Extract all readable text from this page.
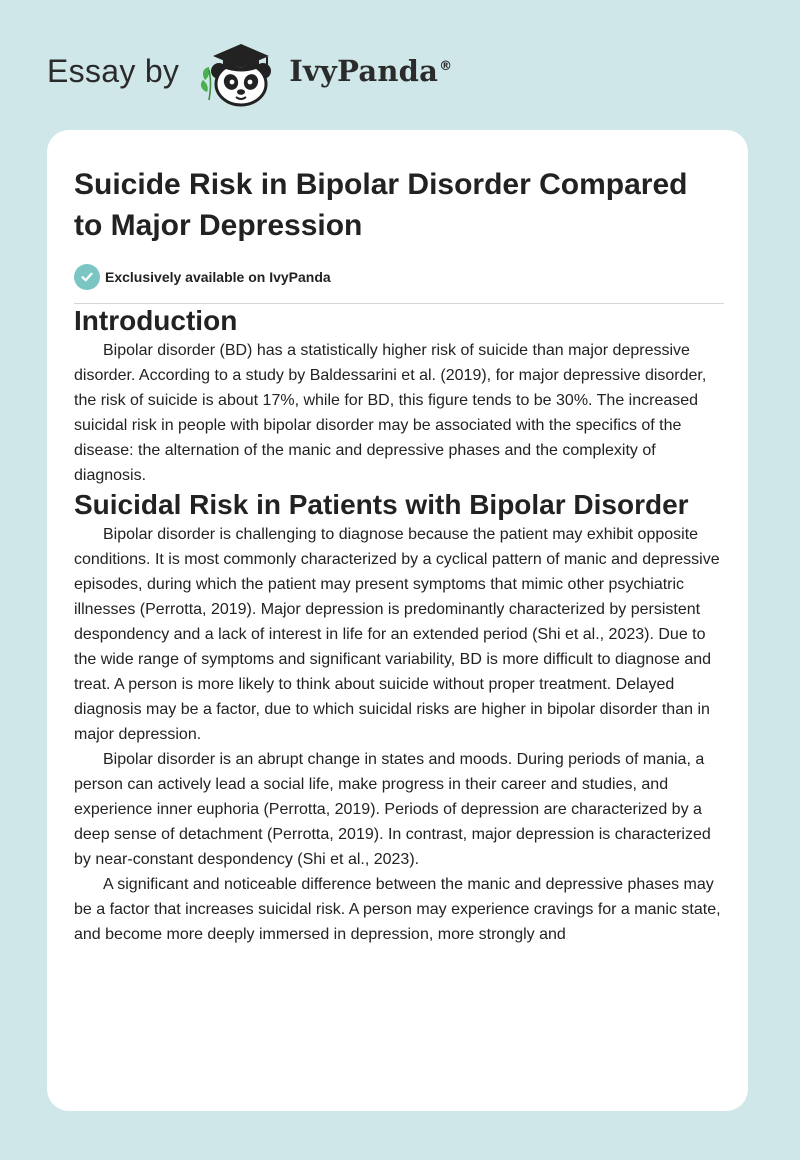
Essay by	IvyPanda®
Suicide Risk in Bipolar Disorder Compared to Major Depression
Exclusively available on IvyPanda
Introduction

Bipolar disorder (BD) has a statistically higher risk of suicide than major depressive disorder. According to a study by Baldessarini et al. (2019), for major depressive disorder, the risk of suicide is about 17%, while for BD, this figure tends to be 30%. The increased suicidal risk in people with bipolar disorder may be associated with the specifics of the disease: the alternation of the manic and depressive phases and the complexity of diagnosis.

Suicidal Risk in Patients with Bipolar Disorder

Bipolar disorder is challenging to diagnose because the patient may exhibit opposite conditions. It is most commonly characterized by a cyclical pattern of manic and depressive episodes, during which the patient may present symptoms that mimic other psychiatric illnesses (Perrotta, 2019). Major depression is predominantly characterized by persistent despondency and a lack of interest in life for an extended period (Shi et al., 2023). Due to the wide range of symptoms and significant variability, BD is more difficult to diagnose and treat. A person is more likely to think about suicide without proper treatment. Delayed diagnosis may be a factor, due to which suicidal risks are higher in bipolar disorder than in major depression.

Bipolar disorder is an abrupt change in states and moods. During periods of mania, a person can actively lead a social life, make progress in their career and studies, and experience inner euphoria (Perrotta, 2019). Periods of depression are characterized by a deep sense of detachment (Perrotta, 2019). In contrast, major depression is characterized by near-constant despondency (Shi et al., 2023).

A significant and noticeable difference between the manic and depressive phases may be a factor that increases suicidal risk. A person may experience cravings for a manic state, and become more deeply immersed in depression, more strongly and
